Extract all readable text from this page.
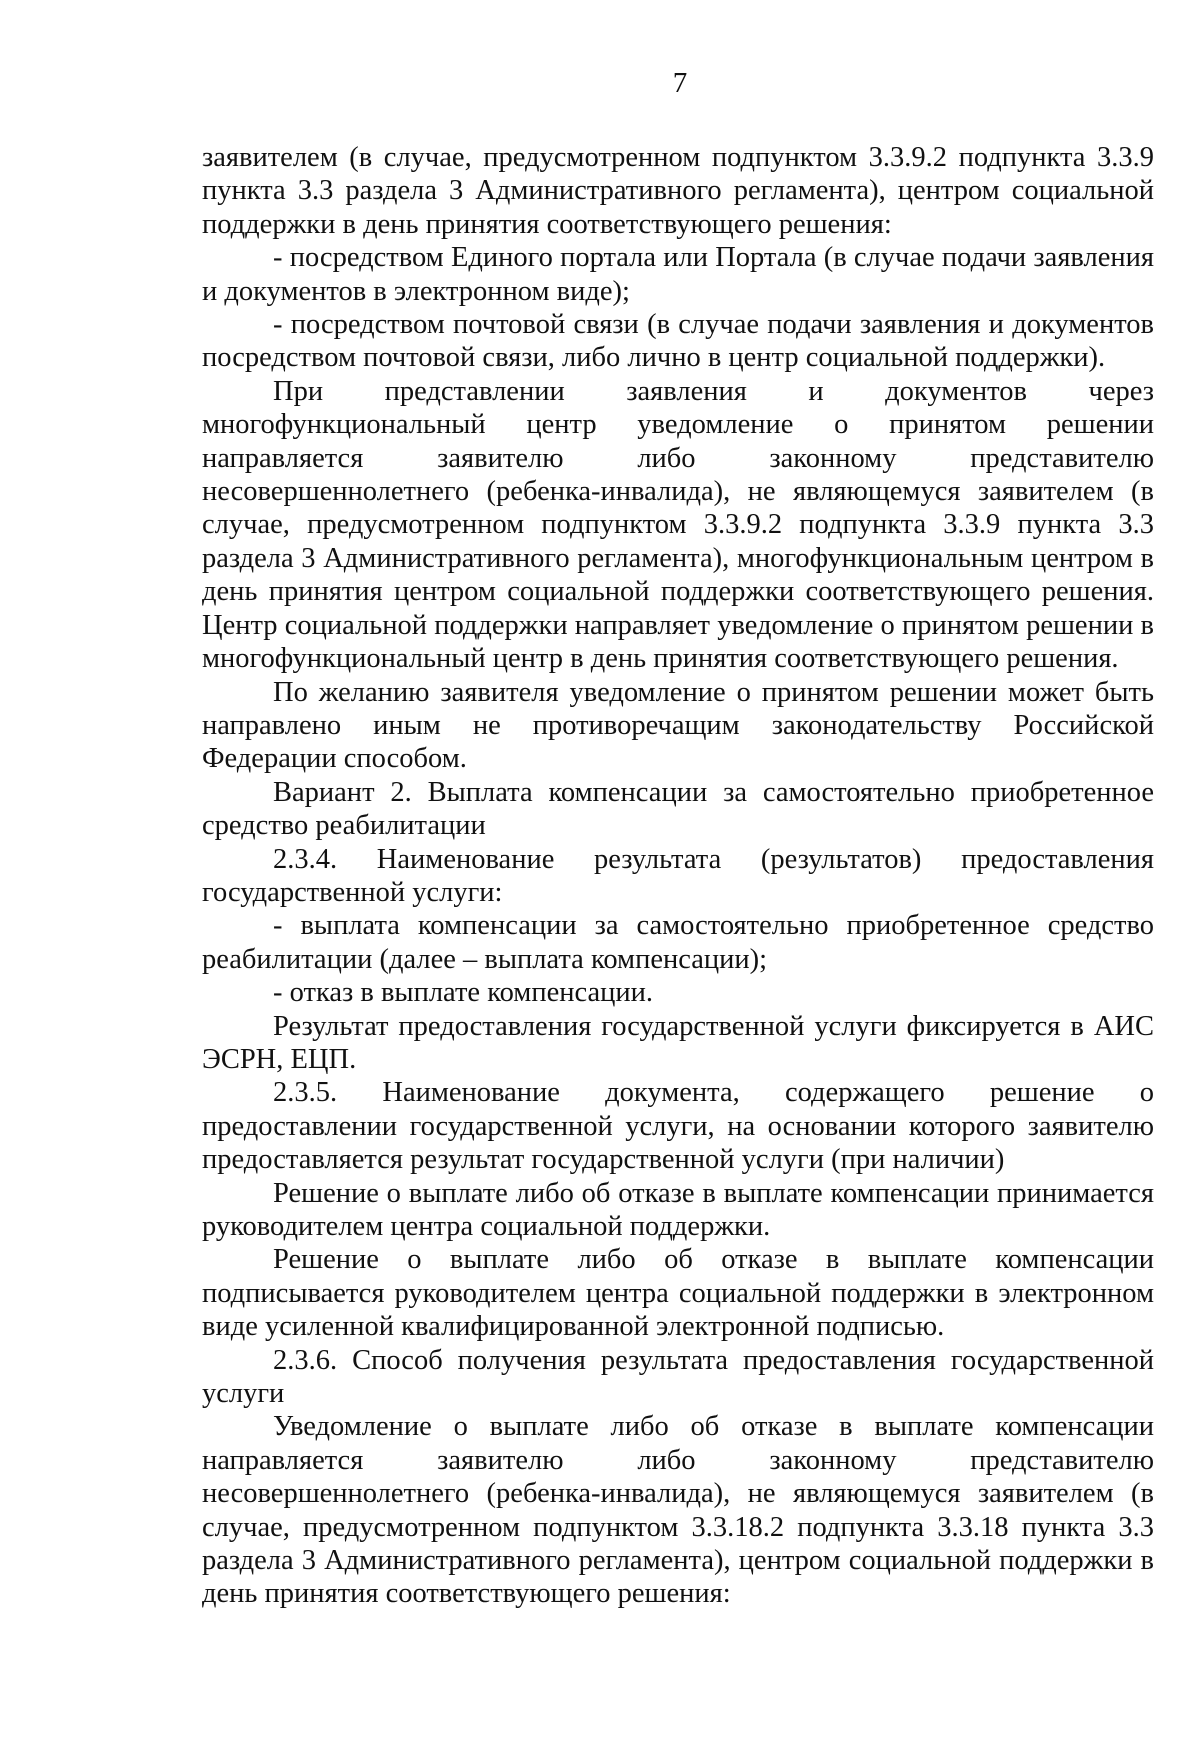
7

заявителем (в случае, предусмотренном подпунктом 3.3.9.2 подпункта 3.3.9 пункта 3.3 раздела 3 Административного регламента), центром социальной поддержки в день принятия соответствующего решения:

- посредством Единого портала или Портала (в случае подачи заявления и документов в электронном виде);

- посредством почтовой связи (в случае подачи заявления и документов посредством почтовой связи, либо лично в центр социальной поддержки).

При представлении заявления и документов через многофункциональный центр уведомление о принятом решении направляется заявителю либо законному представителю несовершеннолетнего (ребенка-инвалида), не являющемуся заявителем (в случае, предусмотренном подпунктом 3.3.9.2 подпункта 3.3.9 пункта 3.3 раздела 3 Административного регламента), многофункциональным центром в день принятия центром социальной поддержки соответствующего решения. Центр социальной поддержки направляет уведомление о принятом решении в многофункциональный центр в день принятия соответствующего решения.

По желанию заявителя уведомление о принятом решении может быть направлено иным не противоречащим законодательству Российской Федерации способом.

Вариант 2. Выплата компенсации за самостоятельно приобретенное средство реабилитации

2.3.4. Наименование результата (результатов) предоставления государственной услуги:

- выплата компенсации за самостоятельно приобретенное средство реабилитации (далее – выплата компенсации);

- отказ в выплате компенсации.

Результат предоставления государственной услуги фиксируется в АИС ЭСРН, ЕЦП.

2.3.5. Наименование документа, содержащего решение о предоставлении государственной услуги, на основании которого заявителю предоставляется результат государственной услуги (при наличии)

Решение о выплате либо об отказе в выплате компенсации принимается руководителем центра социальной поддержки.

Решение о выплате либо об отказе в выплате компенсации подписывается руководителем центра социальной поддержки в электронном виде усиленной квалифицированной электронной подписью.

2.3.6. Способ получения результата предоставления государственной услуги

Уведомление о выплате либо об отказе в выплате компенсации направляется заявителю либо законному представителю несовершеннолетнего (ребенка-инвалида), не являющемуся заявителем (в случае, предусмотренном подпунктом 3.3.18.2 подпункта 3.3.18 пункта 3.3 раздела 3 Административного регламента), центром социальной поддержки в день принятия соответствующего решения:
